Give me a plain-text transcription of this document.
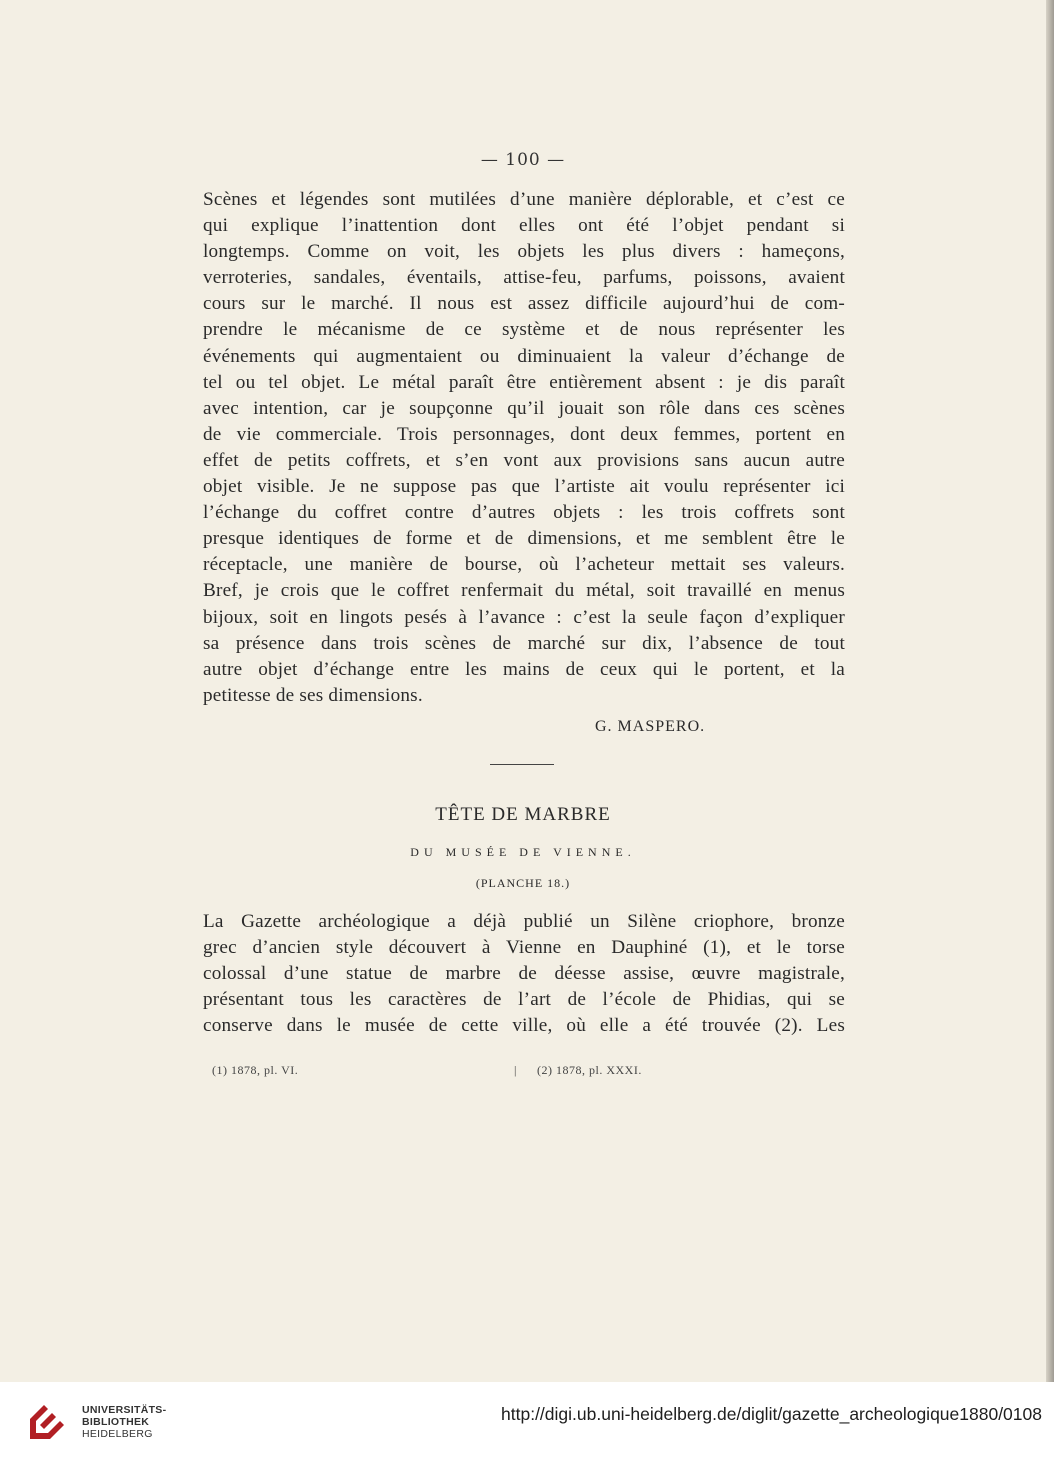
— 100 —

Scènes et légendes sont mutilées d’une manière déplorable, et c’est ce
qui explique l’inattention dont elles ont été l’objet pendant si
longtemps. Comme on voit, les objets les plus divers : hameçons,
verroteries, sandales, éventails, attise-feu, parfums, poissons, avaient
cours sur le marché. Il nous est assez difficile aujourd’hui de com-
prendre le mécanisme de ce système et de nous représenter les
événements qui augmentaient ou diminuaient la valeur d’échange de
tel ou tel objet. Le métal paraît être entièrement absent : je dis paraît
avec intention, car je soupçonne qu’il jouait son rôle dans ces scènes
de vie commerciale. Trois personnages, dont deux femmes, portent en
effet de petits coffrets, et s’en vont aux provisions sans aucun autre
objet visible. Je ne suppose pas que l’artiste ait voulu représenter ici
l’échange du coffret contre d’autres objets : les trois coffrets sont
presque identiques de forme et de dimensions, et me semblent être le
réceptacle, une manière de bourse, où l’acheteur mettait ses valeurs.
Bref, je crois que le coffret renfermait du métal, soit travaillé en menus
bijoux, soit en lingots pesés à l’avance : c’est la seule façon d’expliquer
sa présence dans trois scènes de marché sur dix, l’absence de tout
autre objet d’échange entre les mains de ceux qui le portent, et la
petitesse de ses dimensions.

G. MASPERO.

TÊTE DE MARBRE

DU MUSÉE DE VIENNE.

(PLANCHE 18.)

La Gazette archéologique a déjà publié un Silène criophore, bronze
grec d’ancien style découvert à Vienne en Dauphiné (1), et le torse
colossal d’une statue de marbre de déesse assise, œuvre magistrale,
présentant tous les caractères de l’art de l’école de Phidias, qui se
conserve dans le musée de cette ville, où elle a été trouvée (2). Les
(1) 1878, pl. VI.	| (2) 1878, pl. XXXI.

UNIVERSITÄTS-
BIBLIOTHEK
HEIDELBERG

http://digi.ub.uni-heidelberg.de/diglit/gazette_archeologique1880/0108
